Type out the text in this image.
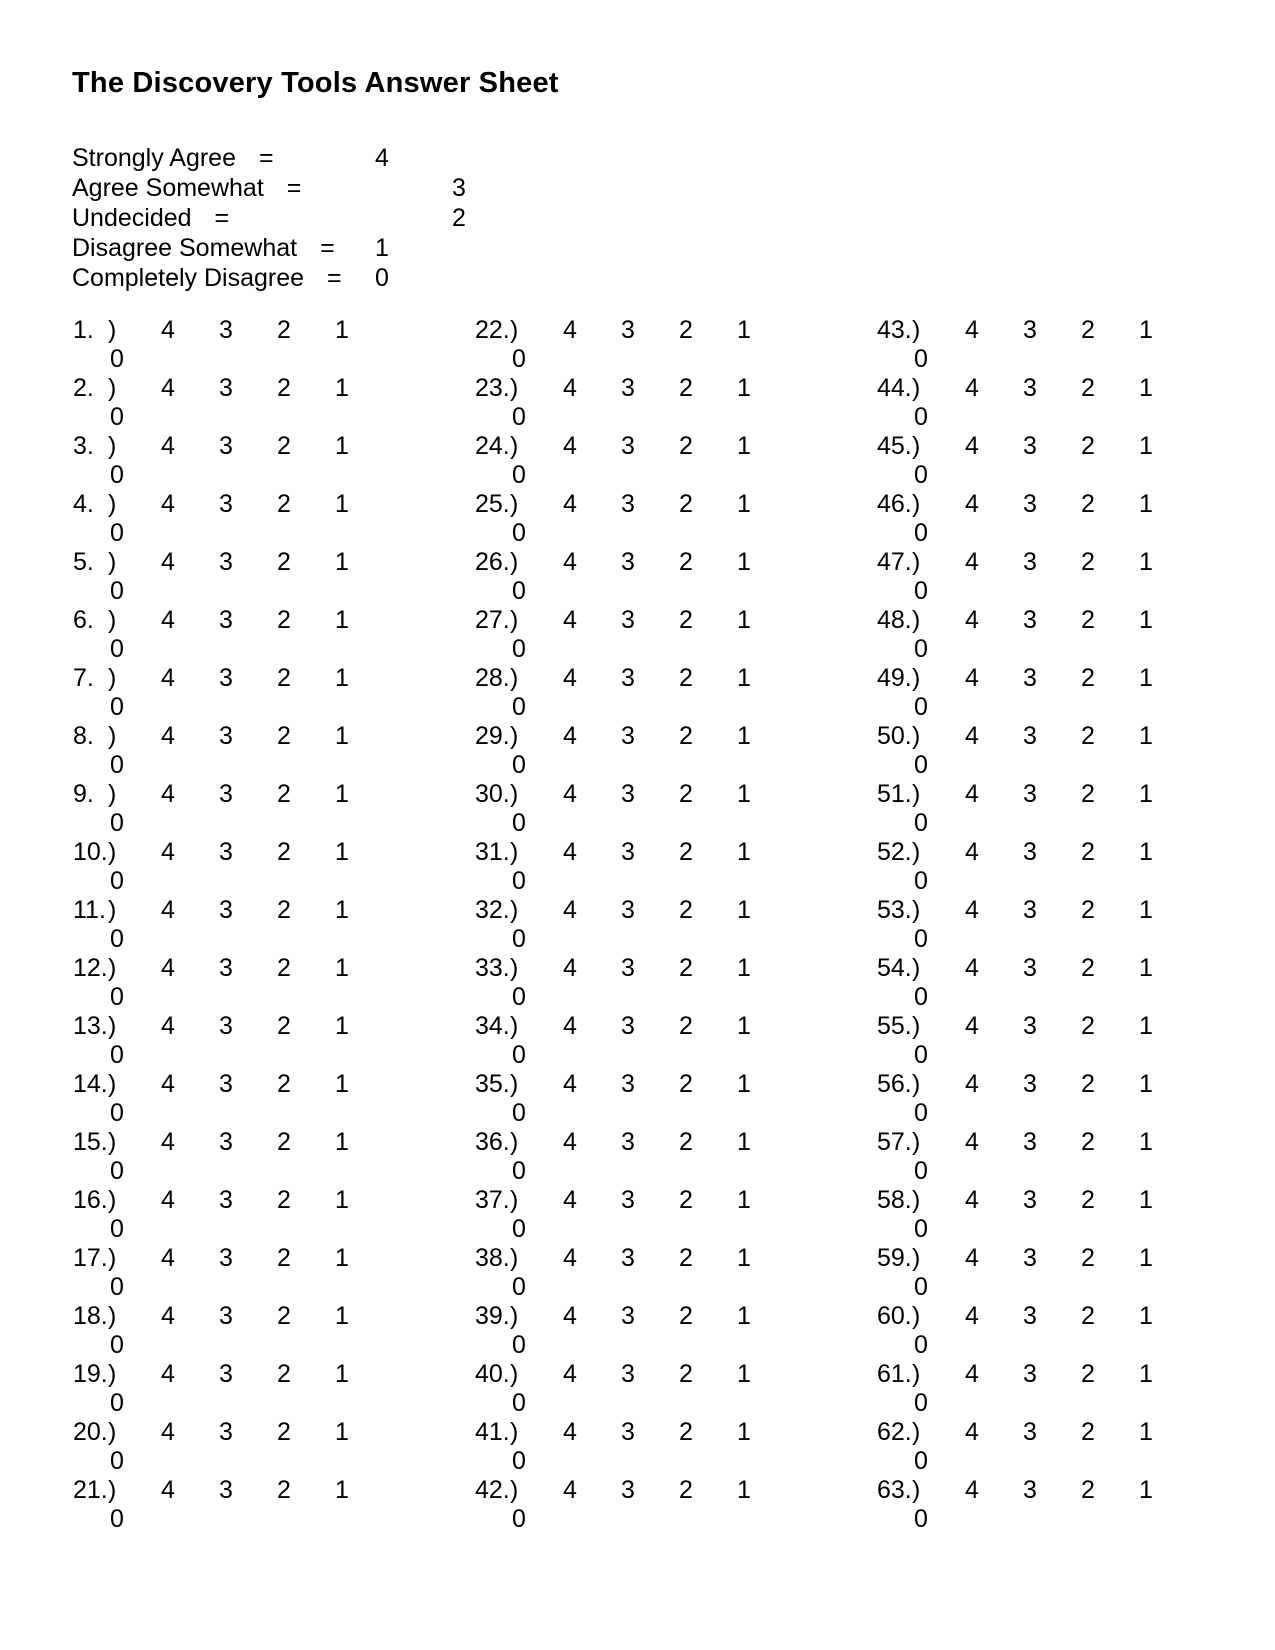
The Discovery Tools Answer Sheet
Strongly Agree =	4
Agree Somewhat =	3
Undecided =	2
Disagree Somewhat = 1
Completely Disagree = 0
1. ) 4 3 2 1
0
2. ) 4 3 2 1
0
3. ) 4 3 2 1
0
4. ) 4 3 2 1
0
5. ) 4 3 2 1
0
6. ) 4 3 2 1
0
7. ) 4 3 2 1
0
8. ) 4 3 2 1
0
9. ) 4 3 2 1
0
10.) 4 3 2 1
0
11.) 4 3 2 1
0
12.) 4 3 2 1
0
13.) 4 3 2 1
0
14.) 4 3 2 1
0
15.) 4 3 2 1
0
16.) 4 3 2 1
0
17.) 4 3 2 1
0
18.) 4 3 2 1
0
19.) 4 3 2 1
0
20.) 4 3 2 1
0
21.) 4 3 2 1
0
22.) 4 3 2 1
0
23.) 4 3 2 1
0
24.) 4 3 2 1
0
25.) 4 3 2 1
0
26.) 4 3 2 1
0
27.) 4 3 2 1
0
28.) 4 3 2 1
0
29.) 4 3 2 1
0
30.) 4 3 2 1
0
31.) 4 3 2 1
0
32.) 4 3 2 1
0
33.) 4 3 2 1
0
34.) 4 3 2 1
0
35.) 4 3 2 1
0
36.) 4 3 2 1
0
37.) 4 3 2 1
0
38.) 4 3 2 1
0
39.) 4 3 2 1
0
40.) 4 3 2 1
0
41.) 4 3 2 1
0
42.) 4 3 2 1
0
43.) 4 3 2 1
0
44.) 4 3 2 1
0
45.) 4 3 2 1
0
46.) 4 3 2 1
0
47.) 4 3 2 1
0
48.) 4 3 2 1
0
49.) 4 3 2 1
0
50.) 4 3 2 1
0
51.) 4 3 2 1
0
52.) 4 3 2 1
0
53.) 4 3 2 1
0
54.) 4 3 2 1
0
55.) 4 3 2 1
0
56.) 4 3 2 1
0
57.) 4 3 2 1
0
58.) 4 3 2 1
0
59.) 4 3 2 1
0
60.) 4 3 2 1
0
61.) 4 3 2 1
0
62.) 4 3 2 1
0
63.) 4 3 2 1
0
